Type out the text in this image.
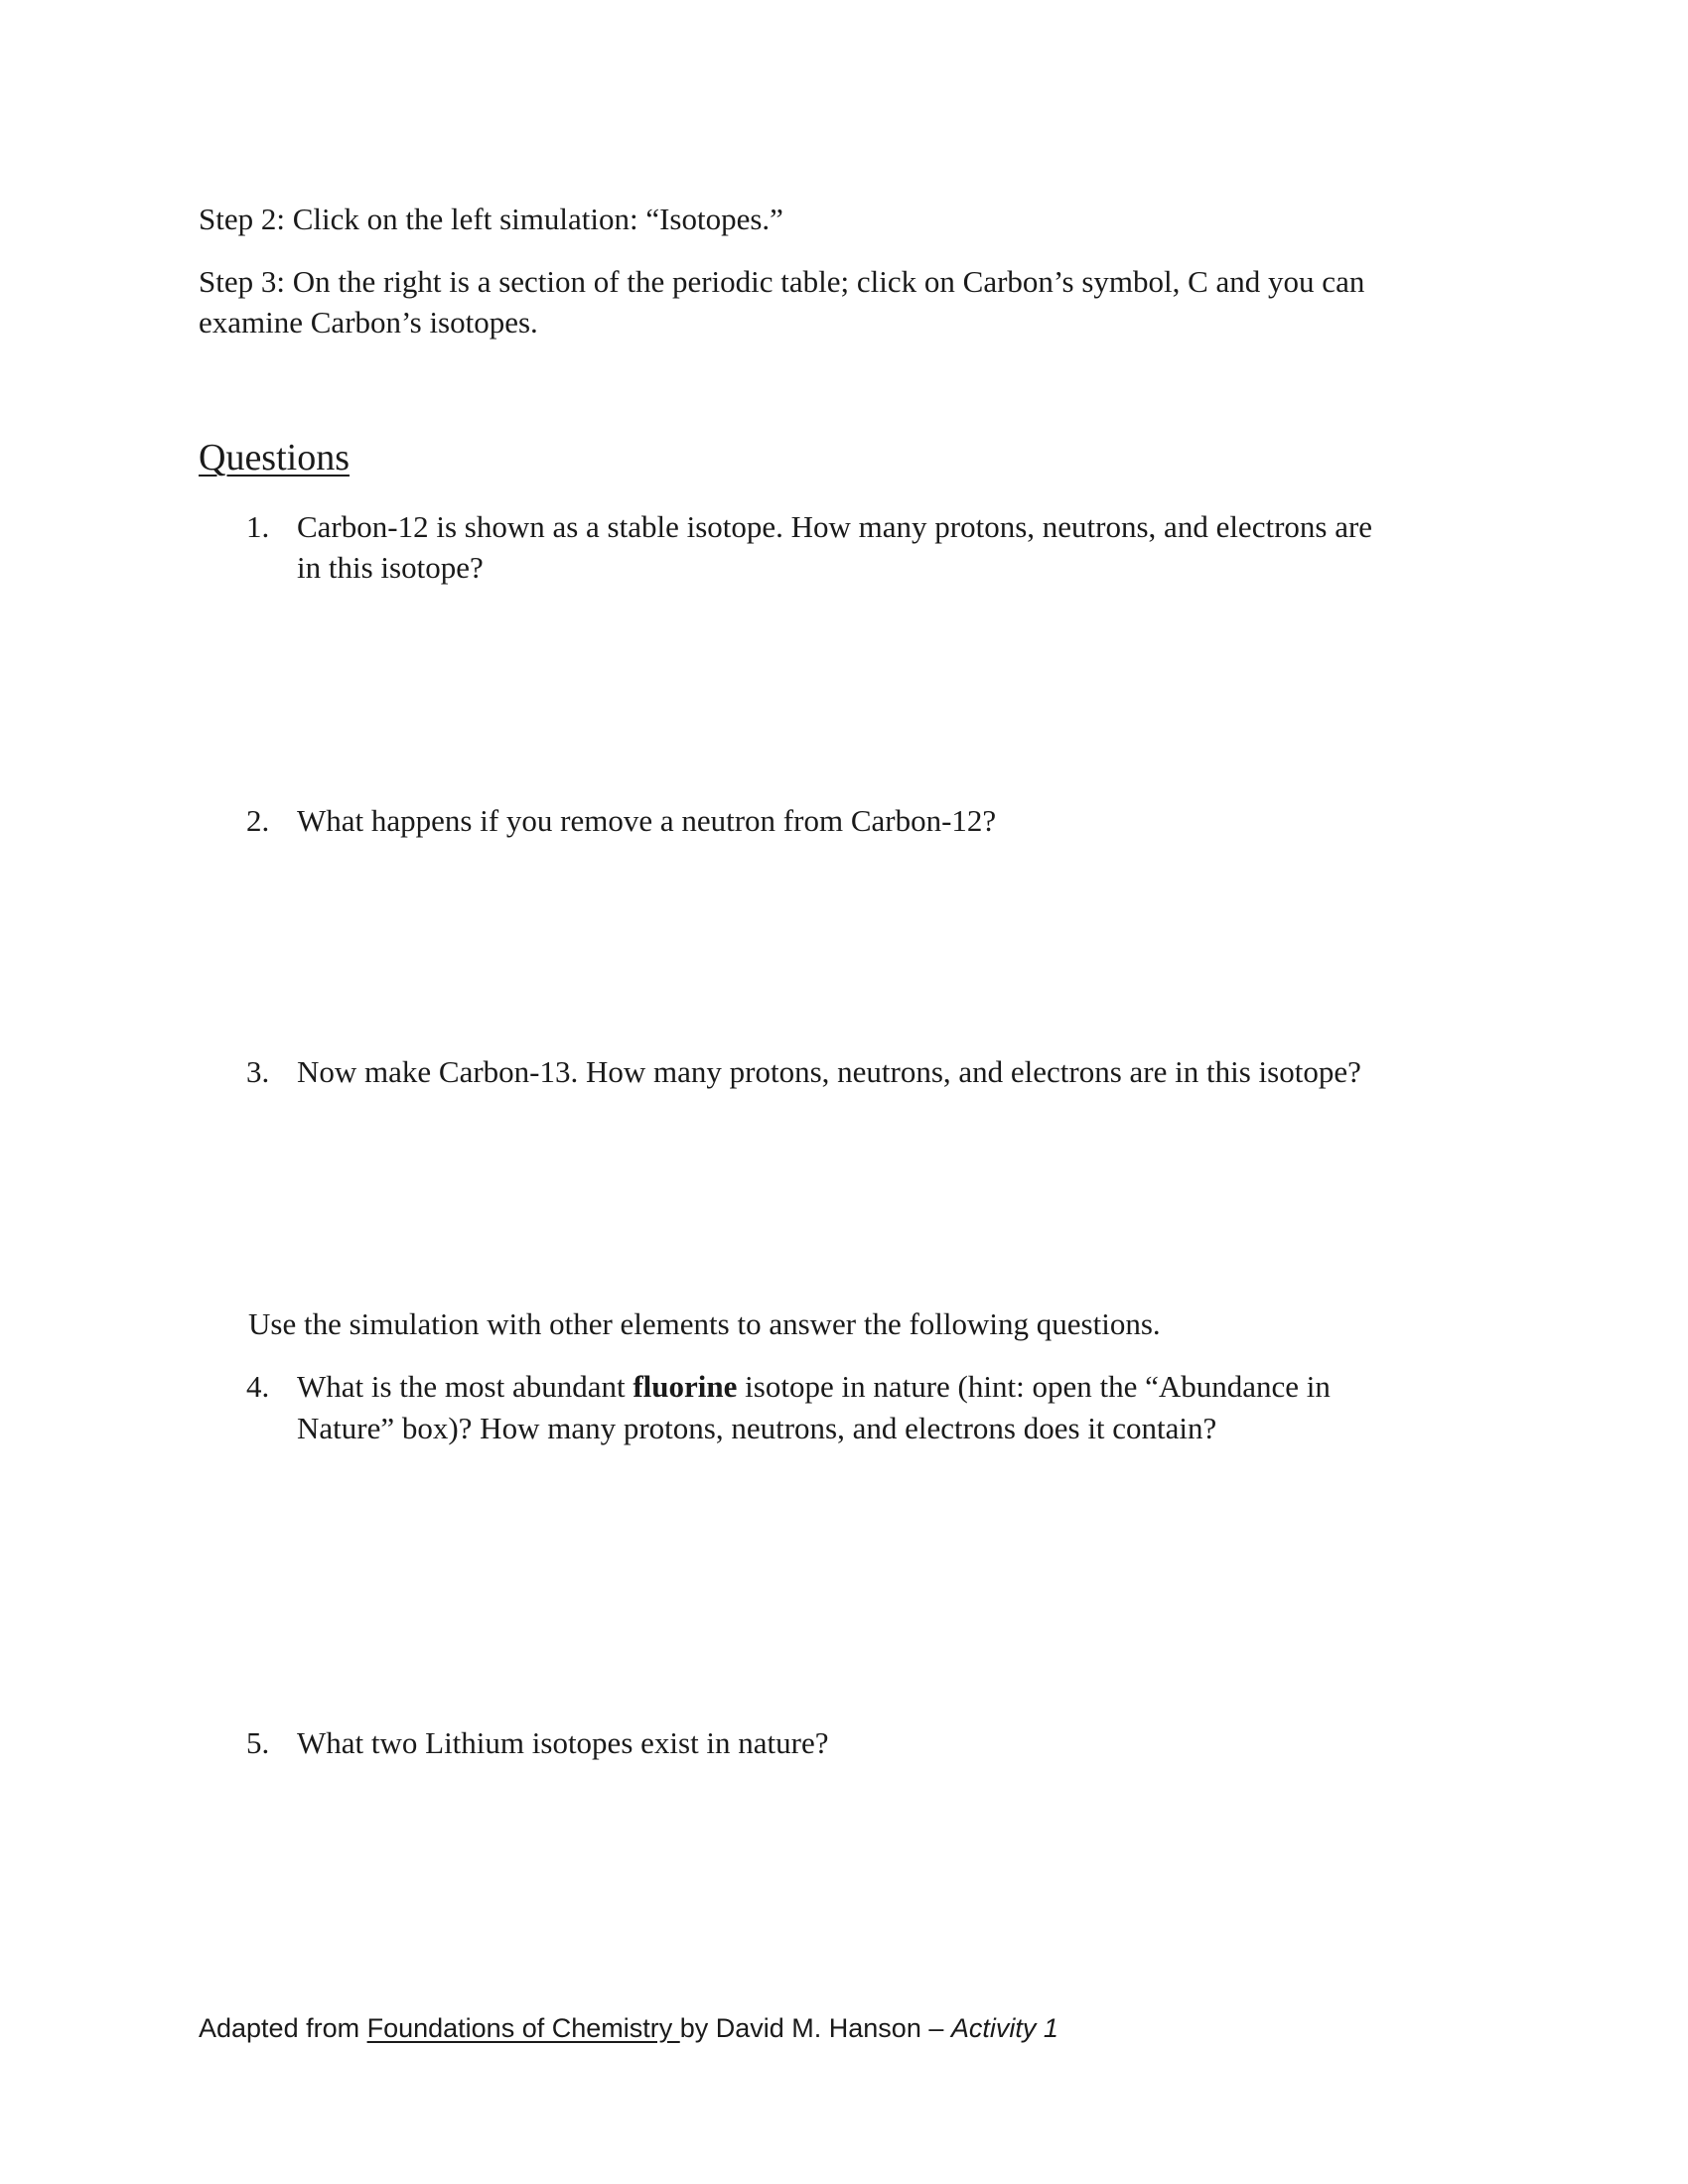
Step 2: Click on the left simulation: “Isotopes.”
Step 3: On the right is a section of the periodic table; click on Carbon’s symbol, C and you can
examine Carbon’s isotopes.
Questions
1. Carbon-12 is shown as a stable isotope. How many protons, neutrons, and electrons are
in this isotope?
2. What happens if you remove a neutron from Carbon-12?
3. Now make Carbon-13. How many protons, neutrons, and electrons are in this isotope?
Use the simulation with other elements to answer the following questions.
4. What is the most abundant fluorine isotope in nature (hint: open the “Abundance in
Nature” box)? How many protons, neutrons, and electrons does it contain?
5. What two Lithium isotopes exist in nature?
Adapted from Foundations of Chemistry by David M. Hanson – Activity 1
